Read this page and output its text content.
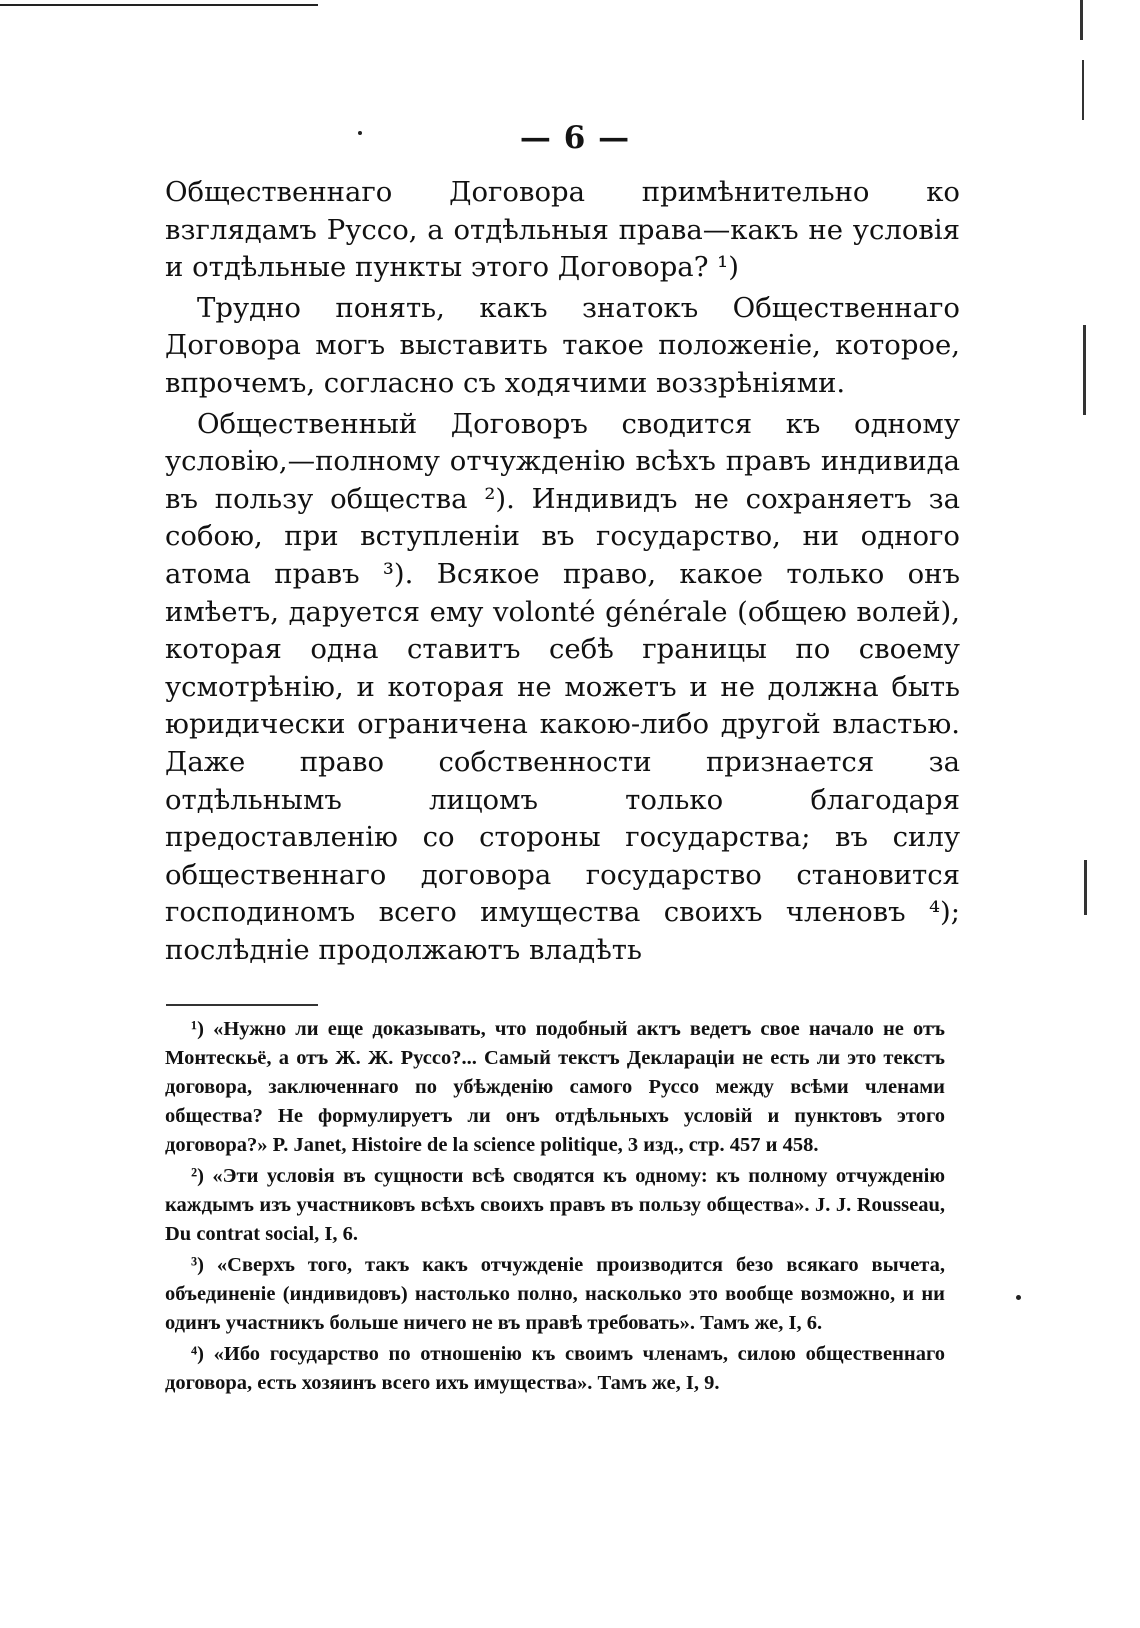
— 6 —

Общественнаго Договора примѣнительно ко взглядамъ Руссо, а отдѣльныя права—какъ не условія и отдѣльные пункты этого Договора? ¹)

Трудно понять, какъ знатокъ Общественнаго Договора могъ выставить такое положеніе, которое, впрочемъ, согласно съ ходячими воззрѣніями.

Общественный Договоръ сводится къ одному условію,—полному отчужденію всѣхъ правъ индивида въ пользу общества ²). Индивидъ не сохраняетъ за собою, при вступленіи въ государство, ни одного атома правъ ³). Всякое право, какое только онъ имѣетъ, даруется ему volonté générale (общею волей), которая одна ставитъ себѣ границы по своему усмотрѣнію, и которая не можетъ и не должна быть юридически ограничена какою-либо другой властью. Даже право собственности признается за отдѣльнымъ лицомъ только благодаря предоставленію со стороны государства; въ силу общественнаго договора государство становится господиномъ всего имущества своихъ членовъ ⁴); послѣдніе продолжаютъ владѣть

¹) «Нужно ли еще доказывать, что подобный актъ ведетъ свое начало не отъ Монтескьё, а отъ Ж. Ж. Руссо?... Самый текстъ Деклараціи не есть ли это текстъ договора, заключеннаго по убѣжденію самого Руссо между всѣми членами общества? Не формулируетъ ли онъ отдѣльныхъ условій и пунктовъ этого договора?» P. Janet, Histoire de la science politique, 3 изд., стр. 457 и 458.

²) «Эти условія въ сущности всѣ сводятся къ одному: къ полному отчужденію каждымъ изъ участниковъ всѣхъ своихъ правъ въ пользу общества». J. J. Rousseau, Du contrat social, I, 6.

³) «Сверхъ того, такъ какъ отчужденіе производится безо всякаго вычета, объединеніе (индивидовъ) настолько полно, насколько это вообще возможно, и ни одинъ участникъ больше ничего не въ правѣ требовать». Тамъ же, I, 6.

⁴) «Ибо государство по отношенію къ своимъ членамъ, силою общественнаго договора, есть хозяинъ всего ихъ имущества». Тамъ же, I, 9.
